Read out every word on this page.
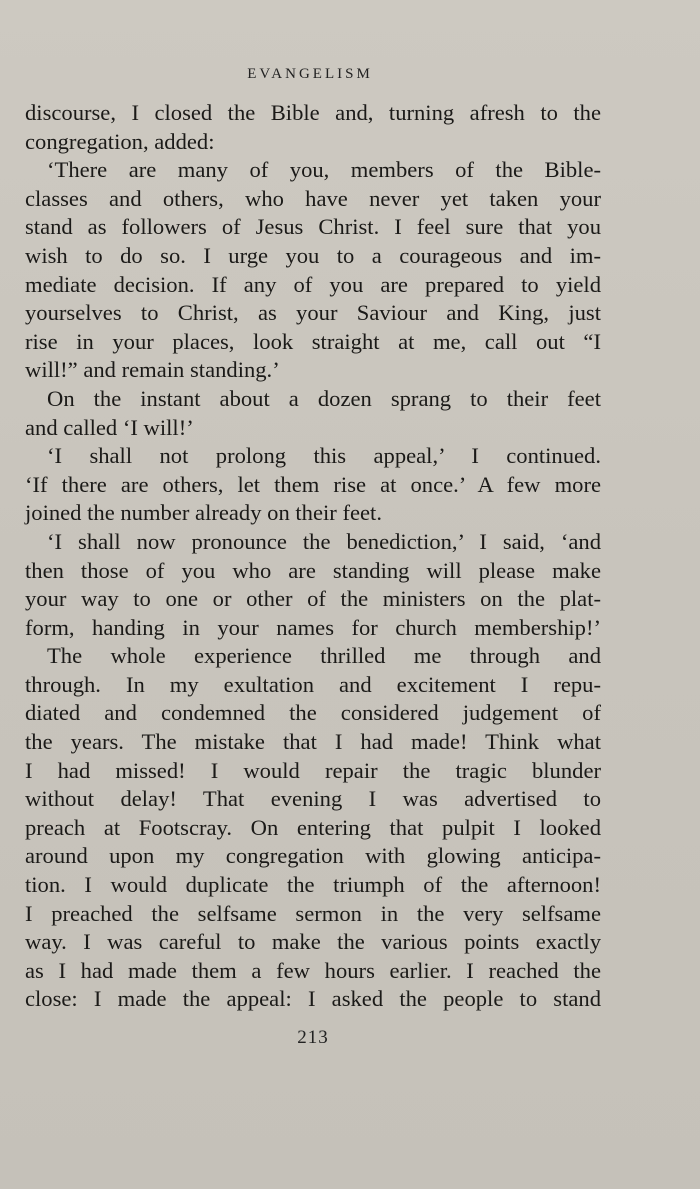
EVANGELISM
discourse, I closed the Bible and, turning afresh to the
congregation, added:
‘There are many of you, members of the Bible-
classes and others, who have never yet taken your
stand as followers of Jesus Christ. I feel sure that you
wish to do so. I urge you to a courageous and im-
mediate decision. If any of you are prepared to yield
yourselves to Christ, as your Saviour and King, just
rise in your places, look straight at me, call out “I
will!” and remain standing.’
On the instant about a dozen sprang to their feet
and called ‘I will!’
‘I shall not prolong this appeal,’ I continued.
‘If there are others, let them rise at once.’ A few more
joined the number already on their feet.
‘I shall now pronounce the benediction,’ I said, ‘and
then those of you who are standing will please make
your way to one or other of the ministers on the plat-
form, handing in your names for church membership!’
The whole experience thrilled me through and
through. In my exultation and excitement I repu-
diated and condemned the considered judgement of
the years. The mistake that I had made! Think what
I had missed! I would repair the tragic blunder
without delay! That evening I was advertised to
preach at Footscray. On entering that pulpit I looked
around upon my congregation with glowing anticipa-
tion. I would duplicate the triumph of the afternoon!
I preached the selfsame sermon in the very selfsame
way. I was careful to make the various points exactly
as I had made them a few hours earlier. I reached the
close: I made the appeal: I asked the people to stand
213
